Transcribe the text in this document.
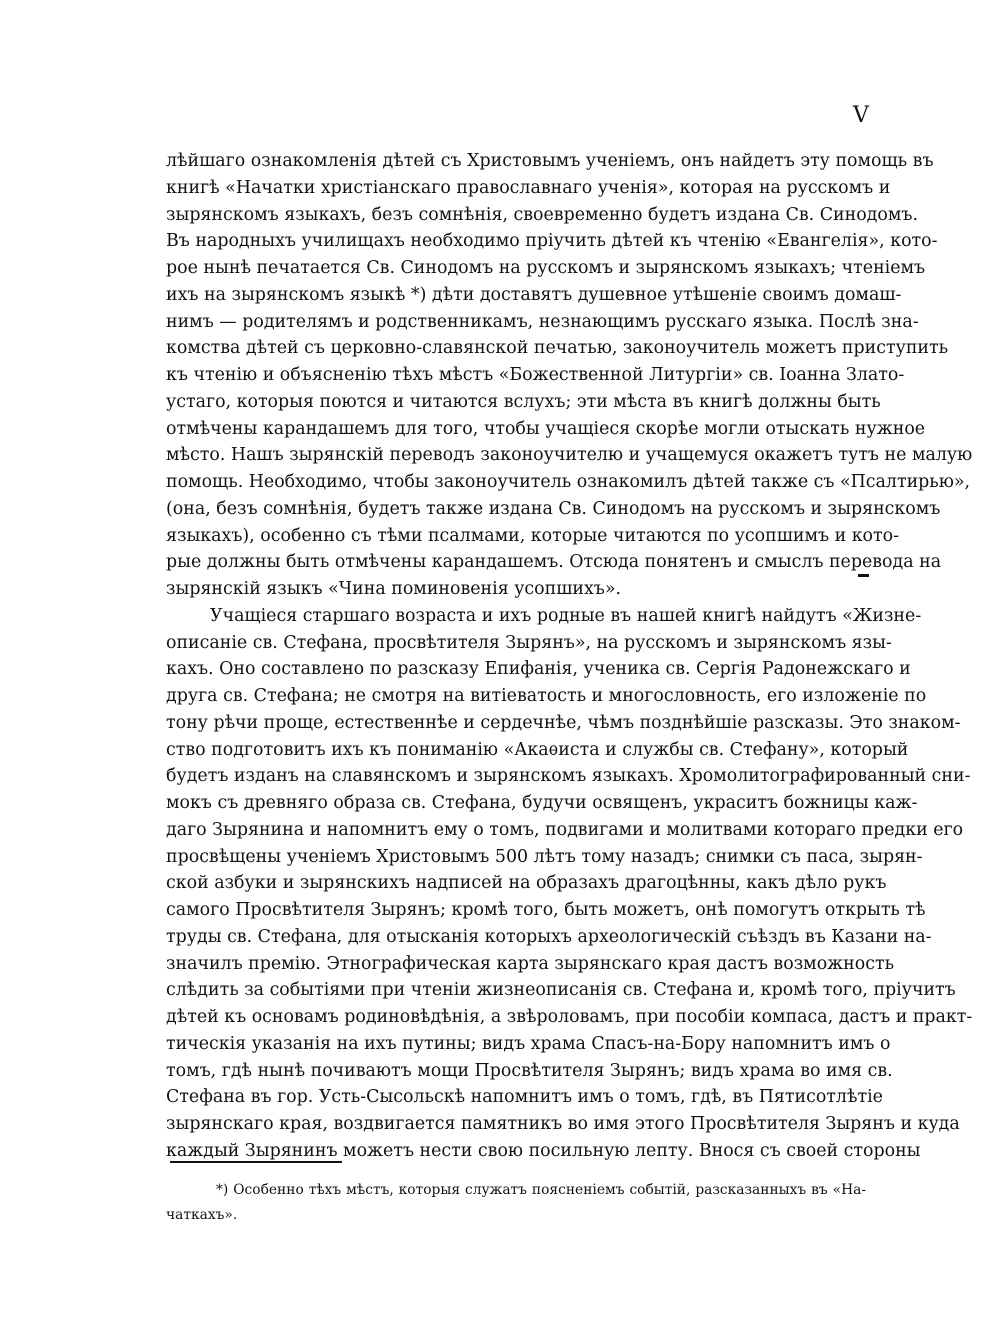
V
лѣйшаго ознакомленія дѣтей съ Христовымъ ученіемъ, онъ найдетъ эту помощь въ
книгѣ «Начатки христіанскаго православнаго ученія», которая на русскомъ и
зырянскомъ языкахъ, безъ сомнѣнія, своевременно будетъ издана Св. Синодомъ.
Въ народныхъ училищахъ необходимо пріучить дѣтей къ чтенію «Евангелія», кото-
рое нынѣ печатается Св. Синодомъ на русскомъ и зырянскомъ языкахъ; чтеніемъ
ихъ на зырянскомъ языкѣ *) дѣти доставятъ душевное утѣшеніе своимъ домаш-
нимъ — родителямъ и родственникамъ, незнающимъ русскаго языка. Послѣ зна-
комства дѣтей съ церковно-славянской печатью, законоучитель можетъ приступить
къ чтенію и объясненію тѣхъ мѣстъ «Божественной Литургіи» св. Іоанна Злато-
устаго, которыя поются и читаются вслухъ; эти мѣста въ книгѣ должны быть
отмѣчены карандашемъ для того, чтобы учащіеся скорѣе могли отыскать нужное
мѣсто. Нашъ зырянскій переводъ законоучителю и учащемуся окажетъ тутъ не малую
помощь. Необходимо, чтобы законоучитель ознакомилъ дѣтей также съ «Псалтирью»,
(она, безъ сомнѣнія, будетъ также издана Св. Синодомъ на русскомъ и зырянскомъ
языкахъ), особенно съ тѣми псалмами, которые читаются по усопшимъ и кото-
рые должны быть отмѣчены карандашемъ. Отсюда понятенъ и смыслъ перевода на
зырянскій языкъ «Чина поминовенія усопшихъ».
Учащіеся старшаго возраста и ихъ родные въ нашей книгѣ найдутъ «Жизне-
описаніе св. Стефана, просвѣтителя Зырянъ», на русскомъ и зырянскомъ язы-
кахъ. Оно составлено по разсказу Епифанія, ученика св. Сергія Радонежскаго и
друга св. Стефана; не смотря на витіеватость и многословность, его изложеніе по
тону рѣчи проще, естественнѣе и сердечнѣе, чѣмъ позднѣйшіе разсказы. Это знаком-
ство подготовитъ ихъ къ пониманію «Акаѳиста и службы св. Стефану», который
будетъ изданъ на славянскомъ и зырянскомъ языкахъ. Хромолитографированный сни-
мокъ съ древняго образа св. Стефана, будучи освященъ, украситъ божницы каж-
даго Зырянина и напомнитъ ему о томъ, подвигами и молитвами котораго предки его
просвѣщены ученіемъ Христовымъ 500 лѣтъ тому назадъ; снимки съ паса, зырян-
ской азбуки и зырянскихъ надписей на образахъ драгоцѣнны, какъ дѣло рукъ
самого Просвѣтителя Зырянъ; кромѣ того, быть можетъ, онѣ помогутъ открыть тѣ
труды св. Стефана, для отысканія которыхъ археологическій съѣздъ въ Казани на-
значилъ премію. Этнографическая карта зырянскаго края дастъ возможность
слѣдить за событіями при чтеніи жизнеописанія св. Стефана и, кромѣ того, пріучитъ
дѣтей къ основамъ родиновѣдѣнія, а звѣроловамъ, при пособіи компаса, дастъ и практ-
тическія указанія на ихъ путины; видъ храма Спасъ-на-Бору напомнитъ имъ о
томъ, гдѣ нынѣ почиваютъ мощи Просвѣтителя Зырянъ; видъ храма во имя св.
Стефана въ гор. Усть-Сысольскѣ напомнитъ имъ о томъ, гдѣ, въ Пятисотлѣтіе
зырянскаго края, воздвигается памятникъ во имя этого Просвѣтителя Зырянъ и куда
каждый Зырянинъ можетъ нести свою посильную лепту. Внося съ своей стороны
*) Особенно тѣхъ мѣстъ, которыя служатъ поясненіемъ событій, разсказанныхъ въ «На-
чаткахъ».
